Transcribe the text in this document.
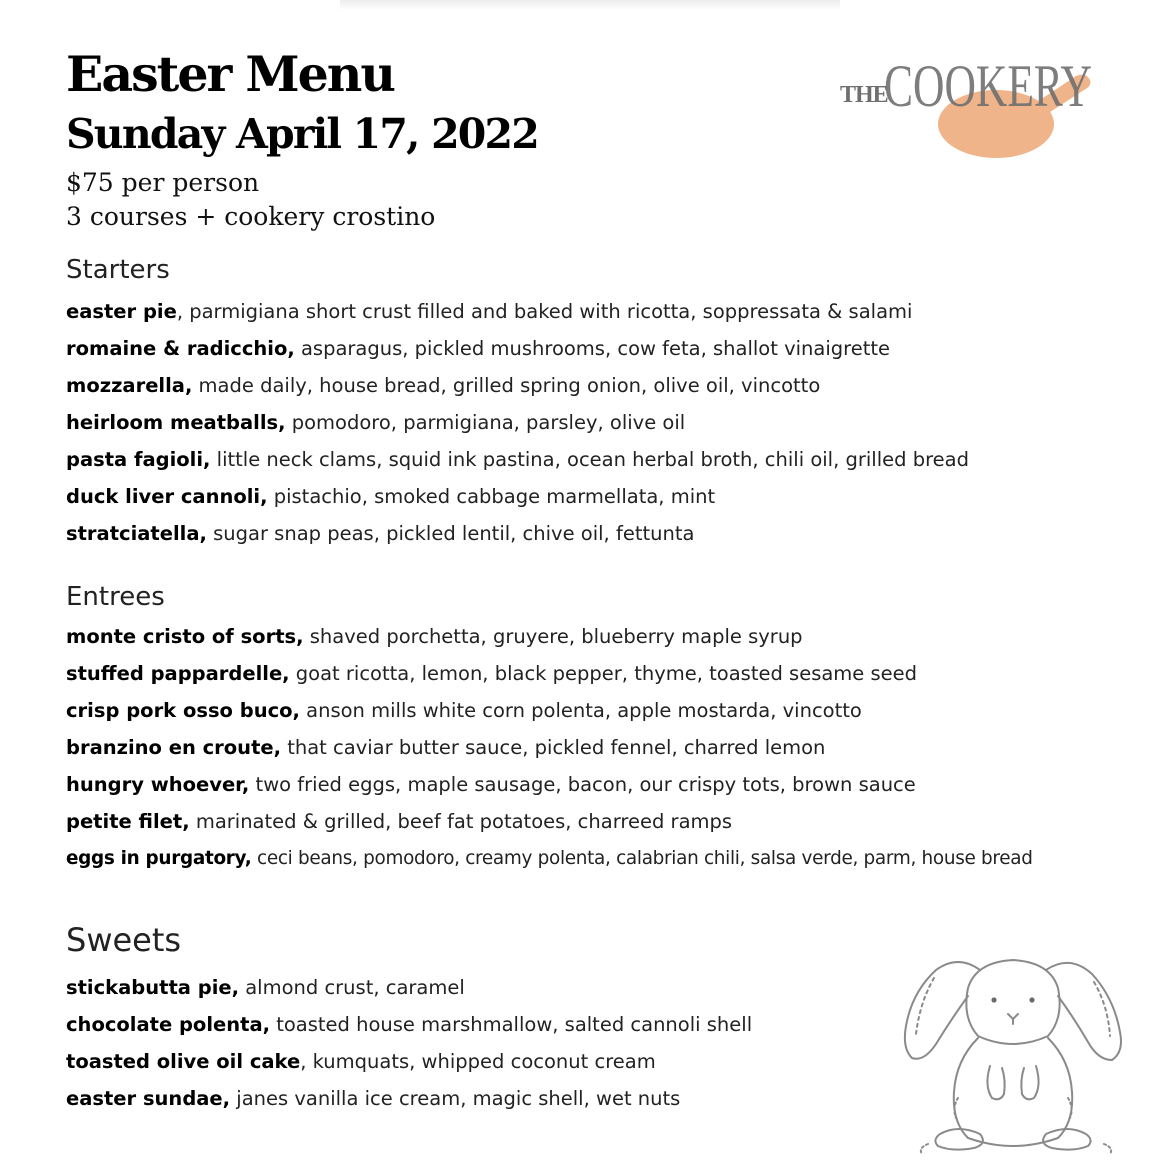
Easter Menu
Sunday April 17, 2022
$75 per person
3 courses + cookery crostino
THE
COOKERY
Starters
easter pie, parmigiana short crust filled and baked with ricotta, soppressata & salami
romaine & radicchio, asparagus, pickled mushrooms, cow feta, shallot vinaigrette
mozzarella, made daily, house bread, grilled spring onion, olive oil, vincotto
heirloom meatballs, pomodoro, parmigiana, parsley, olive oil
pasta fagioli, little neck clams, squid ink pastina, ocean herbal broth, chili oil, grilled bread
duck liver cannoli, pistachio, smoked cabbage marmellata, mint
stratciatella, sugar snap peas, pickled lentil, chive oil, fettunta
Entrees
monte cristo of sorts, shaved porchetta, gruyere, blueberry maple syrup
stuffed pappardelle, goat ricotta, lemon, black pepper, thyme, toasted sesame seed
crisp pork osso buco, anson mills white corn polenta, apple mostarda, vincotto
branzino en croute, that caviar butter sauce, pickled fennel, charred lemon
hungry whoever, two fried eggs, maple sausage, bacon, our crispy tots, brown sauce
petite filet, marinated & grilled, beef fat potatoes, charreed ramps
eggs in purgatory, ceci beans, pomodoro, creamy polenta, calabrian chili, salsa verde, parm, house bread
Sweets
stickabutta pie, almond crust, caramel
chocolate polenta, toasted house marshmallow, salted cannoli shell
toasted olive oil cake, kumquats, whipped coconut cream
easter sundae, janes vanilla ice cream, magic shell, wet nuts
